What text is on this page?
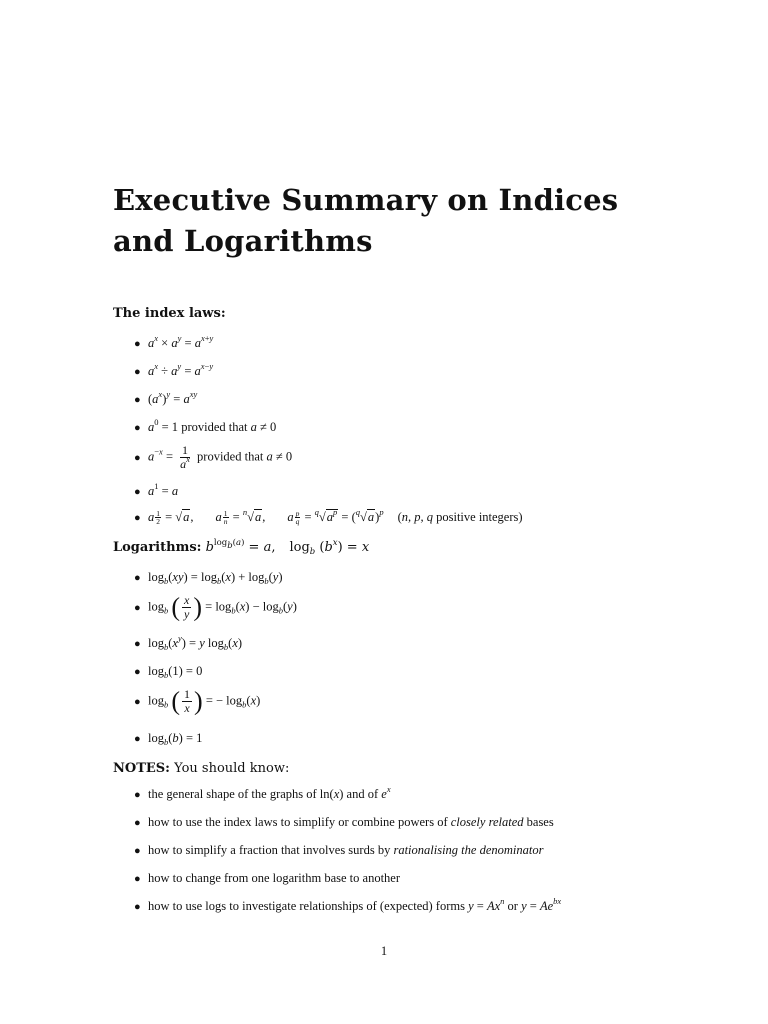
Executive Summary on Indices and Logarithms
The index laws:
● $a^x \times a^y = a^{x+y}$
● $a^x \div a^y = a^{x-y}$
● $(a^x)^y = a^{xy}$
● $a^0 = 1$ provided that a ≠ 0
● $a^{-x} = \frac{1}{a^x}$ provided that a ≠ 0
● $a^1 = a$
● a $\frac{1}{2} = √a$, a $\frac{1}{n} = ^n√a$, a $\frac{p}{q} = ^q√a^p = (^q√a)^p$ (n, p, q positive integers)
Logarithms: $b^{log_b(a)} = a$, $\log_b (b^x) = x$
● $\log_b(xy) = \log_b(x) + \log_b(y)$
● $\log_b$ ( $\frac{x}{y}$ ) = $\log_b(x) - \log_b(y)$
● $\log_b(x^y) = y$ $\log_b(x)$
● $\log_b(1) = 0$
● $\log_b$ ( $\frac{1}{x}$ ) = − $\log_b(x)$
● $\log_b(b) = 1$
NOTES: You should know:
● the general shape of the graphs of ln(x) and of $e^x$
● how to use the index laws to simplify or combine powers of closely related bases
● how to simplify a fraction that involves surds by rationalising the denominator
● how to change from one logarithm base to another
● how to use logs to investigate relationships of (expected) forms $y = Ax^n$ or $y = Ae^{bx}$
1
